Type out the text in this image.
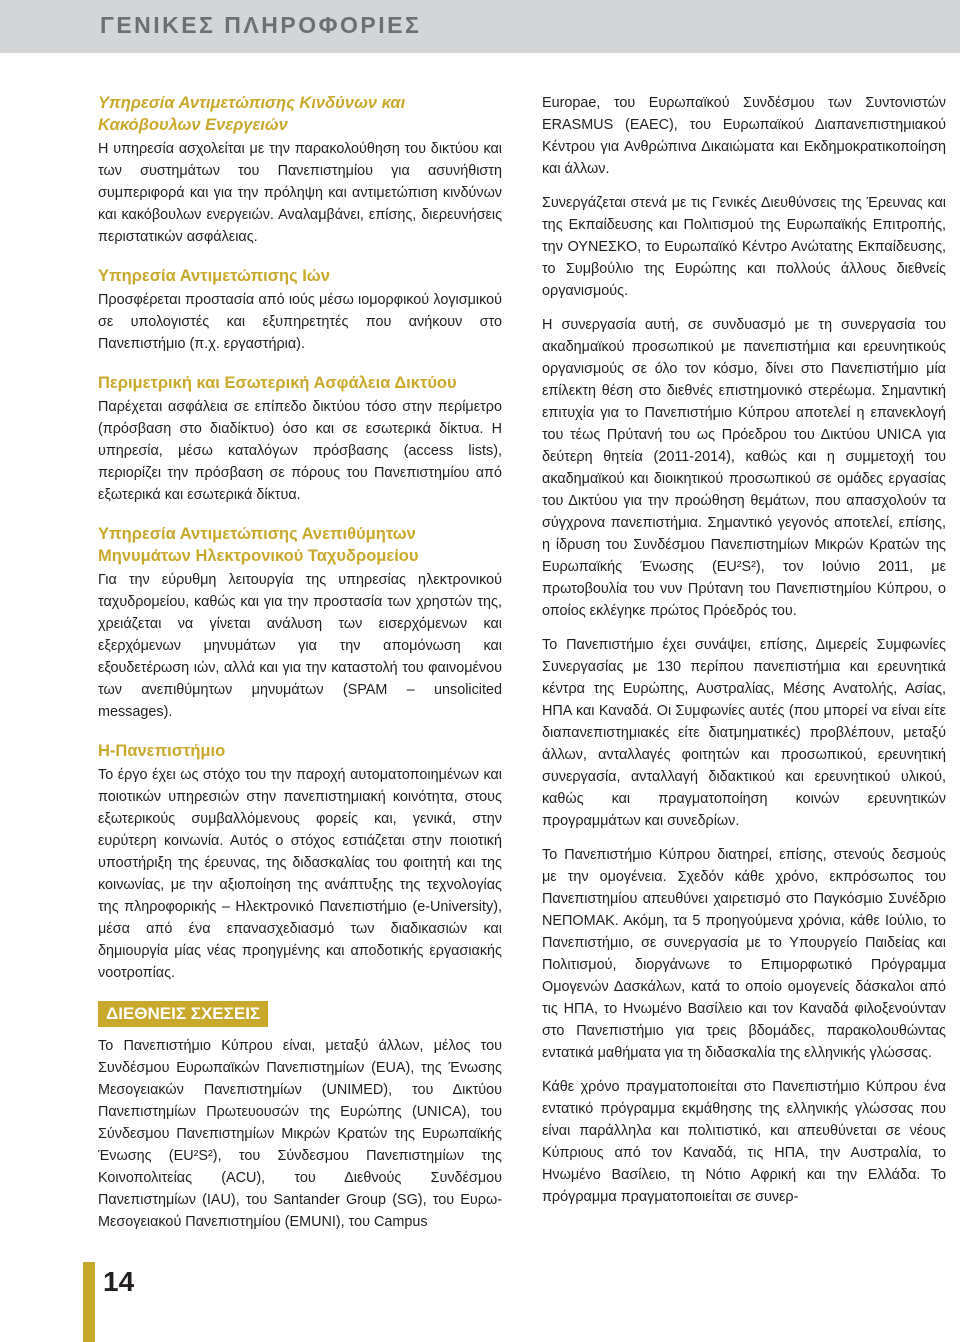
ΓΕΝΙΚΕΣ ΠΛΗΡΟΦΟΡΙΕΣ
Υπηρεσία Αντιμετώπισης Κινδύνων και Κακόβουλων Ενεργειών

Η υπηρεσία ασχολείται με την παρακολούθηση του δικτύου και των συστημάτων του Πανεπιστημίου για ασυνήθιστη συμπεριφορά και για την πρόληψη και αντιμετώπιση κινδύνων και κακόβουλων ενεργειών. Αναλαμβάνει, επίσης, διερευνήσεις περιστατικών ασφάλειας.

Υπηρεσία Αντιμετώπισης Ιών

Προσφέρεται προστασία από ιούς μέσω ιομορφικού λογισμικού σε υπολογιστές και εξυπηρετητές που ανήκουν στο Πανεπιστήμιο (π.χ. εργαστήρια).

Περιμετρική και Εσωτερική Ασφάλεια Δικτύου

Παρέχεται ασφάλεια σε επίπεδο δικτύου τόσο στην περίμετρο (πρόσβαση στο διαδίκτυο) όσο και σε εσωτερικά δίκτυα. Η υπηρεσία, μέσω καταλόγων πρόσβασης (access lists), περιορίζει την πρόσβαση σε πόρους του Πανεπιστημίου από εξωτερικά και εσωτερικά δίκτυα.

Υπηρεσία Αντιμετώπισης Ανεπιθύμητων Μηνυμάτων Ηλεκτρονικού Ταχυδρομείου

Για την εύρυθμη λειτουργία της υπηρεσίας ηλεκτρονικού ταχυδρομείου, καθώς και για την προστασία των χρηστών της, χρειάζεται να γίνεται ανάλυση των εισερχόμενων και εξερχόμενων μηνυμάτων για την απομόνωση και εξουδετέρωση ιών, αλλά και για την καταστολή του φαινομένου των ανεπιθύμητων μηνυμάτων (SPAM – unsolicited messages).

Η-Πανεπιστήμιο

Το έργο έχει ως στόχο του την παροχή αυτοματοποιημένων και ποιοτικών υπηρεσιών στην πανεπιστημιακή κοινότητα, στους εξωτερικούς συμβαλλόμενους φορείς και, γενικά, στην ευρύτερη κοινωνία. Αυτός ο στόχος εστιάζεται στην ποιοτική υποστήριξη της έρευνας, της διδασκαλίας του φοιτητή και της κοινωνίας, με την αξιοποίηση της ανάπτυξης της τεχνολογίας της πληροφορικής – Ηλεκτρονικό Πανεπιστήμιο (e-University), μέσα από ένα επανασχεδιασμό των διαδικασιών και δημιουργία μίας νέας προηγμένης και αποδοτικής εργασιακής νοοτροπίας.

ΔΙΕΘΝΕΙΣ ΣΧΕΣΕΙΣ

Το Πανεπιστήμιο Κύπρου είναι, μεταξύ άλλων, μέλος του Συνδέσμου Ευρωπαϊκών Πανεπιστημίων (EUA), της Ένωσης Μεσογειακών Πανεπιστημίων (UNIMED), του Δικτύου Πανεπιστημίων Πρωτευουσών της Ευρώπης (UNICA), του Σύνδεσμου Πανεπιστημίων Μικρών Κρατών της Ευρωπαϊκής Ένωσης (EU²S²), του Σύνδεσμου Πανεπιστημίων της Κοινοπολιτείας (ACU), του Διεθνούς Συνδέσμου Πανεπιστημίων (IAU), του Santander Group (SG), του Ευρω-Μεσογειακού Πανεπιστημίου (EMUNI), του Campus

Europae, του Ευρωπαϊκού Συνδέσμου των Συντονιστών ERASMUS (EAEC), του Ευρωπαϊκού Διαπανεπιστημιακού Κέντρου για Ανθρώπινα Δικαιώματα και Εκδημοκρατικοποίηση και άλλων.

Συνεργάζεται στενά με τις Γενικές Διευθύνσεις της Έρευνας και της Εκπαίδευσης και Πολιτισμού της Ευρωπαϊκής Επιτροπής, την ΟΥΝΕΣΚΟ, το Ευρωπαϊκό Κέντρο Ανώτατης Εκπαίδευσης, το Συμβούλιο της Ευρώπης και πολλούς άλλους διεθνείς οργανισμούς.

Η συνεργασία αυτή, σε συνδυασμό με τη συνεργασία του ακαδημαϊκού προσωπικού με πανεπιστήμια και ερευνητικούς οργανισμούς σε όλο τον κόσμο, δίνει στο Πανεπιστήμιο μία επίλεκτη θέση στο διεθνές επιστημονικό στερέωμα. Σημαντική επιτυχία για το Πανεπιστήμιο Κύπρου αποτελεί η επανεκλογή του τέως Πρύτανή του ως Πρόεδρου του Δικτύου UNICA για δεύτερη θητεία (2011-2014), καθώς και η συμμετοχή του ακαδημαϊκού και διοικητικού προσωπικού σε ομάδες εργασίας του Δικτύου για την προώθηση θεμάτων, που απασχολούν τα σύγχρονα πανεπιστήμια. Σημαντικό γεγονός αποτελεί, επίσης, η ίδρυση του Συνδέσμου Πανεπιστημίων Μικρών Κρατών της Ευρωπαϊκής Ένωσης (EU²S²), τον Ιούνιο 2011, με πρωτοβουλία του νυν Πρύτανη του Πανεπιστημίου Κύπρου, ο οποίος εκλέγηκε πρώτος Πρόεδρός του.

Το Πανεπιστήμιο έχει συνάψει, επίσης, Διμερείς Συμφωνίες Συνεργασίας με 130 περίπου πανεπιστήμια και ερευνητικά κέντρα της Ευρώπης, Αυστραλίας, Μέσης Ανατολής, Ασίας, ΗΠΑ και Καναδά. Οι Συμφωνίες αυτές (που μπορεί να είναι είτε διαπανεπιστημιακές είτε διατμηματικές) προβλέπουν, μεταξύ άλλων, ανταλλαγές φοιτητών και προσωπικού, ερευνητική συνεργασία, ανταλλαγή διδακτικού και ερευνητικού υλικού, καθώς και πραγματοποίηση κοινών ερευνητικών προγραμμάτων και συνεδρίων.

Το Πανεπιστήμιο Κύπρου διατηρεί, επίσης, στενούς δεσμούς με την ομογένεια. Σχεδόν κάθε χρόνο, εκπρόσωπος του Πανεπιστημίου απευθύνει χαιρετισμό στο Παγκόσμιο Συνέδριο ΝΕΠΟΜΑΚ. Ακόμη, τα 5 προηγούμενα χρόνια, κάθε Ιούλιο, το Πανεπιστήμιο, σε συνεργασία με το Υπουργείο Παιδείας και Πολιτισμού, διοργάνωνε το Επιμορφωτικό Πρόγραμμα Ομογενών Δασκάλων, κατά το οποίο ομογενείς δάσκαλοι από τις ΗΠΑ, το Ηνωμένο Βασίλειο και τον Καναδά φιλοξενούνταν στο Πανεπιστήμιο για τρεις βδομάδες, παρακολουθώντας εντατικά μαθήματα για τη διδασκαλία της ελληνικής γλώσσας.

Κάθε χρόνο πραγματοποιείται στο Πανεπιστήμιο Κύπρου ένα εντατικό πρόγραμμα εκμάθησης της ελληνικής γλώσσας που είναι παράλληλα και πολιτιστικό, και απευθύνεται σε νέους Κύπριους από τον Καναδά, τις ΗΠΑ, την Αυστραλία, το Ηνωμένο Βασίλειο, τη Νότιο Αφρική και την Ελλάδα. Το πρόγραμμα πραγματοποιείται σε συνερ-

14
